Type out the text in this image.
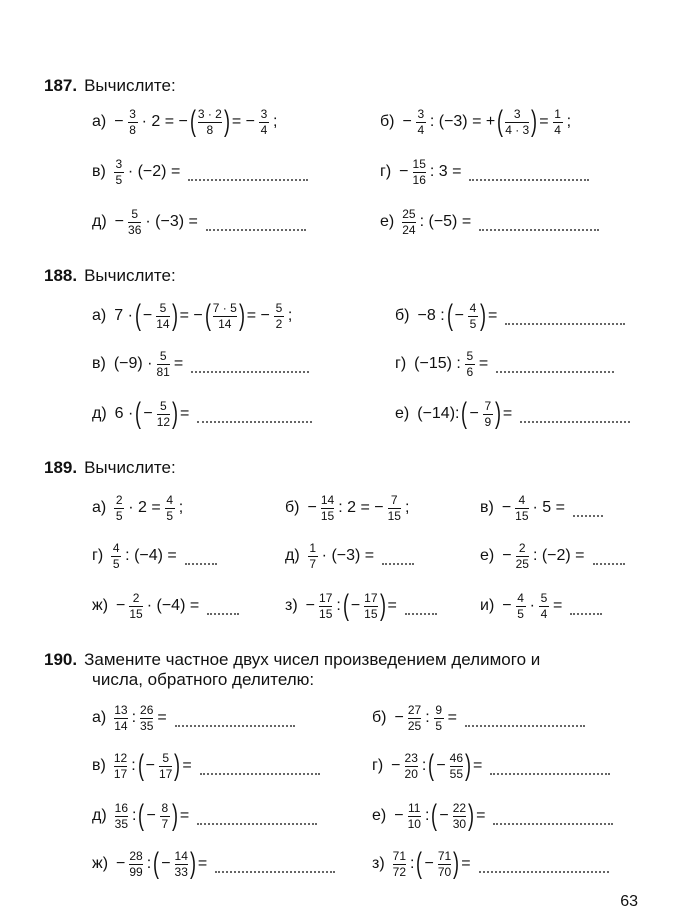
187. Вычислите:
188. Вычислите:
189. Вычислите:
190. Замените частное двух чисел произведением делимого и
числа, обратного делителю:
а) − 3
8 · 2 = − ( 3 · 2
8 ) = − 3
4 ;	б) − 3
4 : (−3) = + ( 3
4 · 3 ) = 1
4 ;
в) 3
5 · (−2) =	г) − 15
16 : 3 =
д) − 5
36 · (−3) =	е) 25
24 : (−5) =
а) 7 · ( − 5
14 ) = − ( 7 · 5
14 ) = − 5
2 ;	б) −8 : ( − 4
5 ) =
в) (−9) · 5
81 =	г) (−15) : 5
6 =
д) 6 · ( − 5
12 ) =	е) (−14): ( − 7
9 ) =
а) 2
5 · 2 = 4
5 ;	б) − 14
15 : 2 = − 7
15 ;	в) − 4
15 · 5 =
г) 4
5 : (−4) =	д) 1
7 · (−3) =	е) − 2
25 : (−2) =
ж) − 2
15 · (−4) =	з) − 17
15 : ( − 17
15 ) =	и) − 4
5 · 5
4 =
а) 13
14 : 26
35 =	б) − 27
25 : 9
5 =
в) 12
17 : ( − 5
17 ) =	г) − 23
20 : ( − 46
55 ) =
д) 16
35 : ( − 8
7 ) =	е) − 11
10 : ( − 22
30 ) =
ж) − 28
99 : ( − 14
33 ) =	з) 71
72 : ( − 71
70 ) =
63
